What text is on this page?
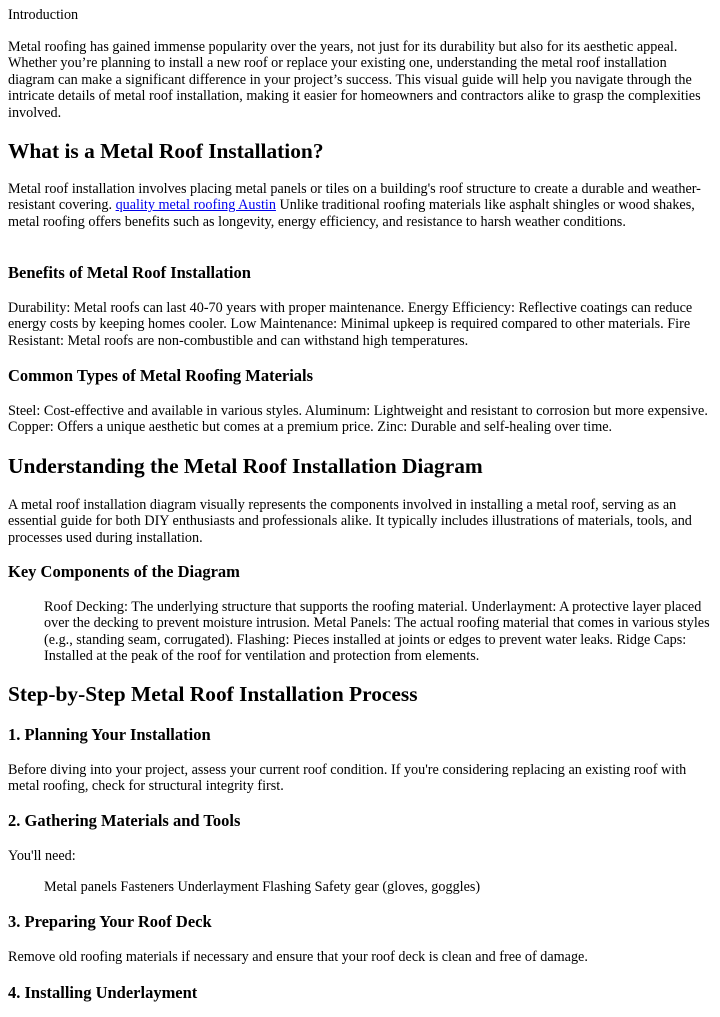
Introduction

Metal roofing has gained immense popularity over the years, not just for its durability but also for its aesthetic appeal. Whether you’re planning to install a new roof or replace your existing one, understanding the metal roof installation diagram can make a significant difference in your project’s success. This visual guide will help you navigate through the intricate details of metal roof installation, making it easier for homeowners and contractors alike to grasp the complexities involved.

What is a Metal Roof Installation?

Metal roof installation involves placing metal panels or tiles on a building's roof structure to create a durable and weather-resistant covering. quality metal roofing Austin Unlike traditional roofing materials like asphalt shingles or wood shakes, metal roofing offers benefits such as longevity, energy efficiency, and resistance to harsh weather conditions.

Benefits of Metal Roof Installation

Durability: Metal roofs can last 40-70 years with proper maintenance. Energy Efficiency: Reflective coatings can reduce energy costs by keeping homes cooler. Low Maintenance: Minimal upkeep is required compared to other materials. Fire Resistant: Metal roofs are non-combustible and can withstand high temperatures.

Common Types of Metal Roofing Materials

Steel: Cost-effective and available in various styles. Aluminum: Lightweight and resistant to corrosion but more expensive. Copper: Offers a unique aesthetic but comes at a premium price. Zinc: Durable and self-healing over time.

Understanding the Metal Roof Installation Diagram

A metal roof installation diagram visually represents the components involved in installing a metal roof, serving as an essential guide for both DIY enthusiasts and professionals alike. It typically includes illustrations of materials, tools, and processes used during installation.

Key Components of the Diagram

Roof Decking: The underlying structure that supports the roofing material. Underlayment: A protective layer placed over the decking to prevent moisture intrusion. Metal Panels: The actual roofing material that comes in various styles (e.g., standing seam, corrugated). Flashing: Pieces installed at joints or edges to prevent water leaks. Ridge Caps: Installed at the peak of the roof for ventilation and protection from elements.

Step-by-Step Metal Roof Installation Process
1. Planning Your Installation

Before diving into your project, assess your current roof condition. If you're considering replacing an existing roof with metal roofing, check for structural integrity first.

2. Gathering Materials and Tools

You'll need:

Metal panels Fasteners Underlayment Flashing Safety gear (gloves, goggles)

3. Preparing Your Roof Deck

Remove old roofing materials if necessary and ensure that your roof deck is clean and free of damage.

4. Installing Underlayment
